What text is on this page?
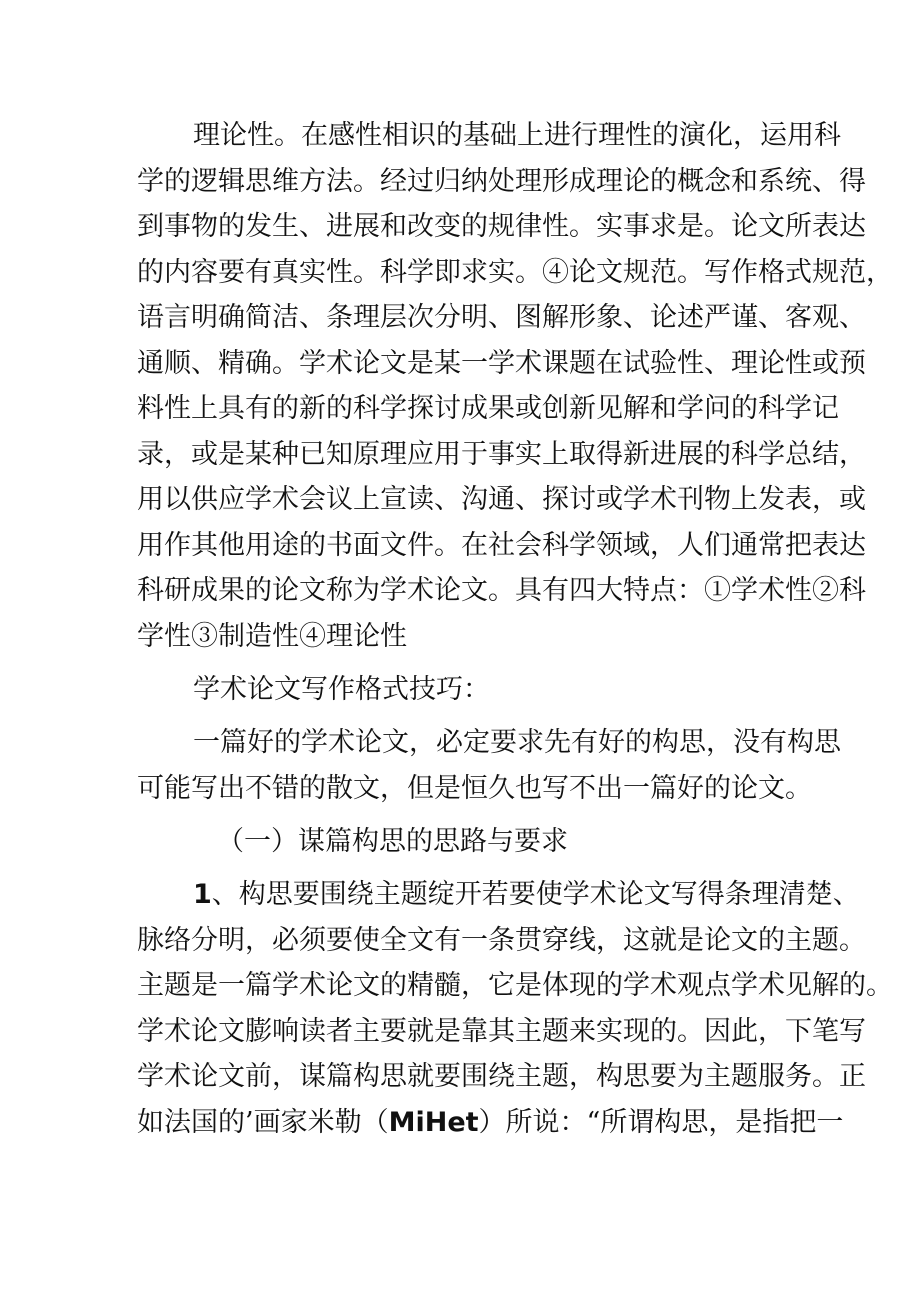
理论性。在感性相识的基础上进行理性的演化，运用科
学的逻辑思维方法。经过归纳处理形成理论的概念和系统、得
到事物的发生、进展和改变的规律性。实事求是。论文所表达
的内容要有真实性。科学即求实。④论文规范。写作格式规范，
语言明确简洁、条理层次分明、图解形象、论述严谨、客观、
通顺、精确。学术论文是某一学术课题在试验性、理论性或预
料性上具有的新的科学探讨成果或创新见解和学问的科学记
录，或是某种已知原理应用于事实上取得新进展的科学总结，
用以供应学术会议上宣读、沟通、探讨或学术刊物上发表，或
用作其他用途的书面文件。在社会科学领域，人们通常把表达
科研成果的论文称为学术论文。具有四大特点：①学术性②科
学性③制造性④理论性
学术论文写作格式技巧：
一篇好的学术论文，必定要求先有好的构思，没有构思
可能写出不错的散文，但是恒久也写不出一篇好的论文。
（一）谋篇构思的思路与要求
1、构思要围绕主题绽开若要使学术论文写得条理清楚、
脉络分明，必须要使全文有一条贯穿线，这就是论文的主题。
主题是一篇学术论文的精髓，它是体现的学术观点学术见解的。
学术论文膨响读者主要就是靠其主题来实现的。因此，下笔写
学术论文前，谋篇构思就要围绕主题，构思要为主题服务。正
如法国的’画家米勒（MiHet）所说：“所谓构思，是指把一
